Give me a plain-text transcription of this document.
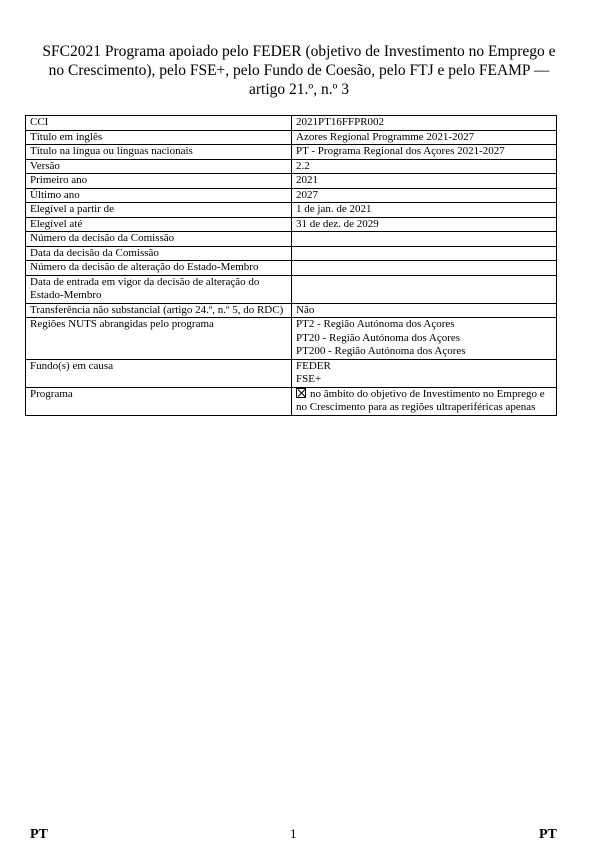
SFC2021 Programa apoiado pelo FEDER (objetivo de Investimento no Emprego e no Crescimento), pelo FSE+, pelo Fundo de Coesão, pelo FTJ e pelo FEAMP — artigo 21.º, n.º 3
CCI	2021PT16FFPR002
Título em inglês	Azores Regional Programme 2021-2027
Título na língua ou línguas nacionais	PT - Programa Regional dos Açores 2021-2027
Versão	2.2
Primeiro ano	2021
Último ano	2027
Elegível a partir de	1 de jan. de 2021
Elegível até	31 de dez. de 2029
Número da decisão da Comissão	
Data da decisão da Comissão	
Número da decisão de alteração do Estado-Membro	
Data de entrada em vigor da decisão de alteração do Estado-Membro	
Transferência não substancial (artigo 24.º, n.º 5, do RDC)	Não
Regiões NUTS abrangidas pelo programa	PT2 - Região Autónoma dos Açores
PT20 - Região Autónoma dos Açores
PT200 - Região Autónoma dos Açores

Fundo(s) em causa	FEDER
FSE+

Programa	no âmbito do objetivo de Investimento no Emprego e no Crescimento para as regiões ultraperiféricas apenas
PT	1	PT
